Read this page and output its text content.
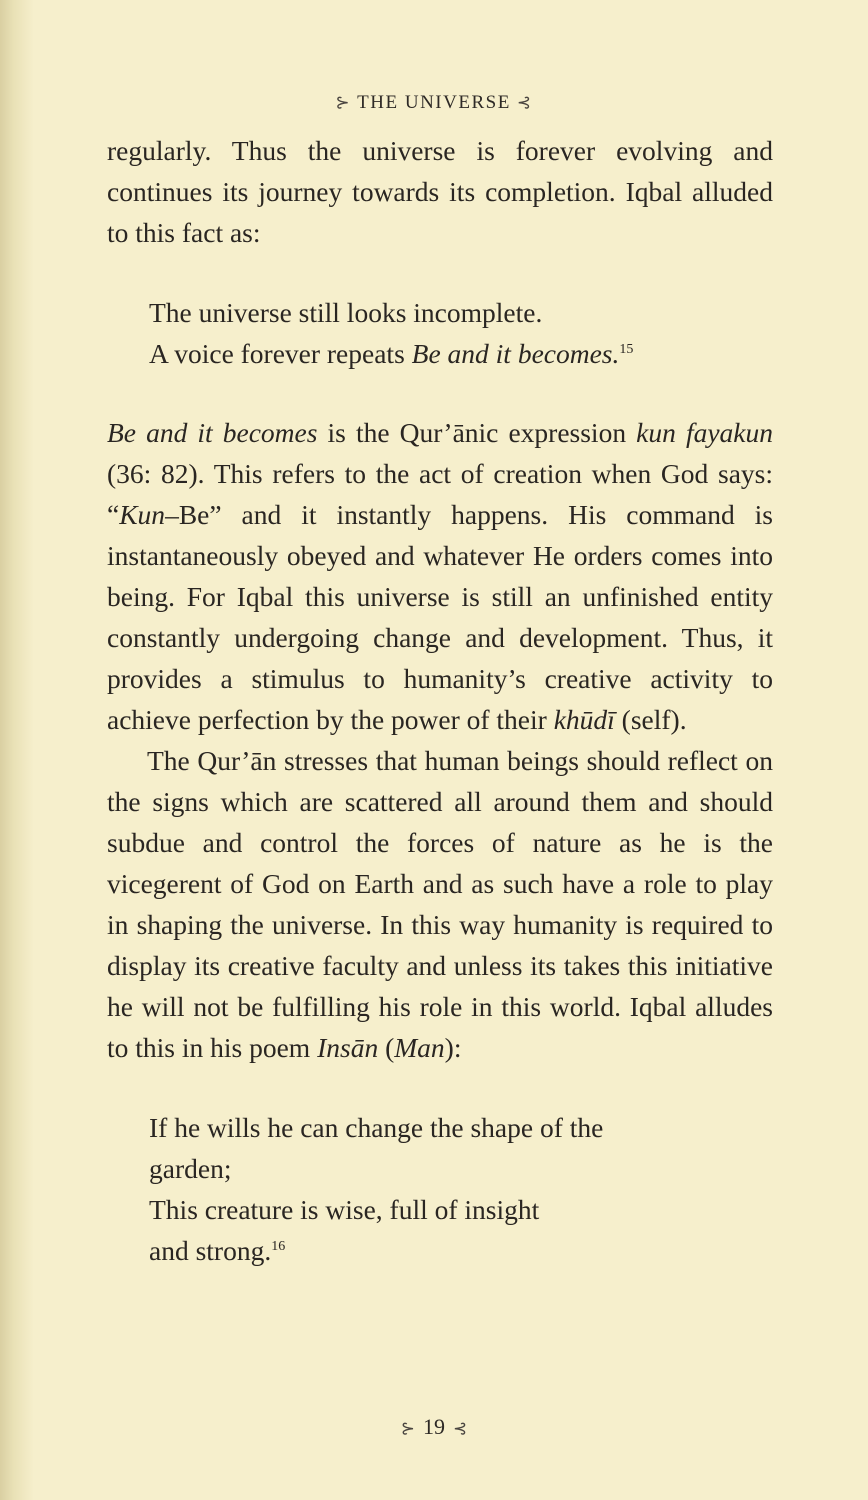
⊱ THE UNIVERSE ⊰

regularly. Thus the universe is forever evolving and continues its journey towards its completion. Iqbal alluded to this fact as:

The universe still looks incomplete.
A voice forever repeats Be and it becomes.$^{15}$

Be and it becomes is the Qur’ānic expression kun fayakun (36: 82). This refers to the act of creation when God says: “Kun–Be” and it instantly happens. His command is instantaneously obeyed and whatever He orders comes into being. For Iqbal this universe is still an unfinished entity constantly undergoing change and development. Thus, it provides a stimulus to humanity’s creative activity to achieve perfection by the power of their khūdī (self).

The Qur’ān stresses that human beings should reflect on the signs which are scattered all around them and should subdue and control the forces of nature as he is the vicegerent of God on Earth and as such have a role to play in shaping the universe. In this way humanity is required to display its creative faculty and unless its takes this initiative he will not be fulfilling his role in this world. Iqbal alludes to this in his poem Insān (Man):

If he wills he can change the shape of the
garden;
This creature is wise, full of insight
and strong.$^{16}$
⊱ 19 ⊰
